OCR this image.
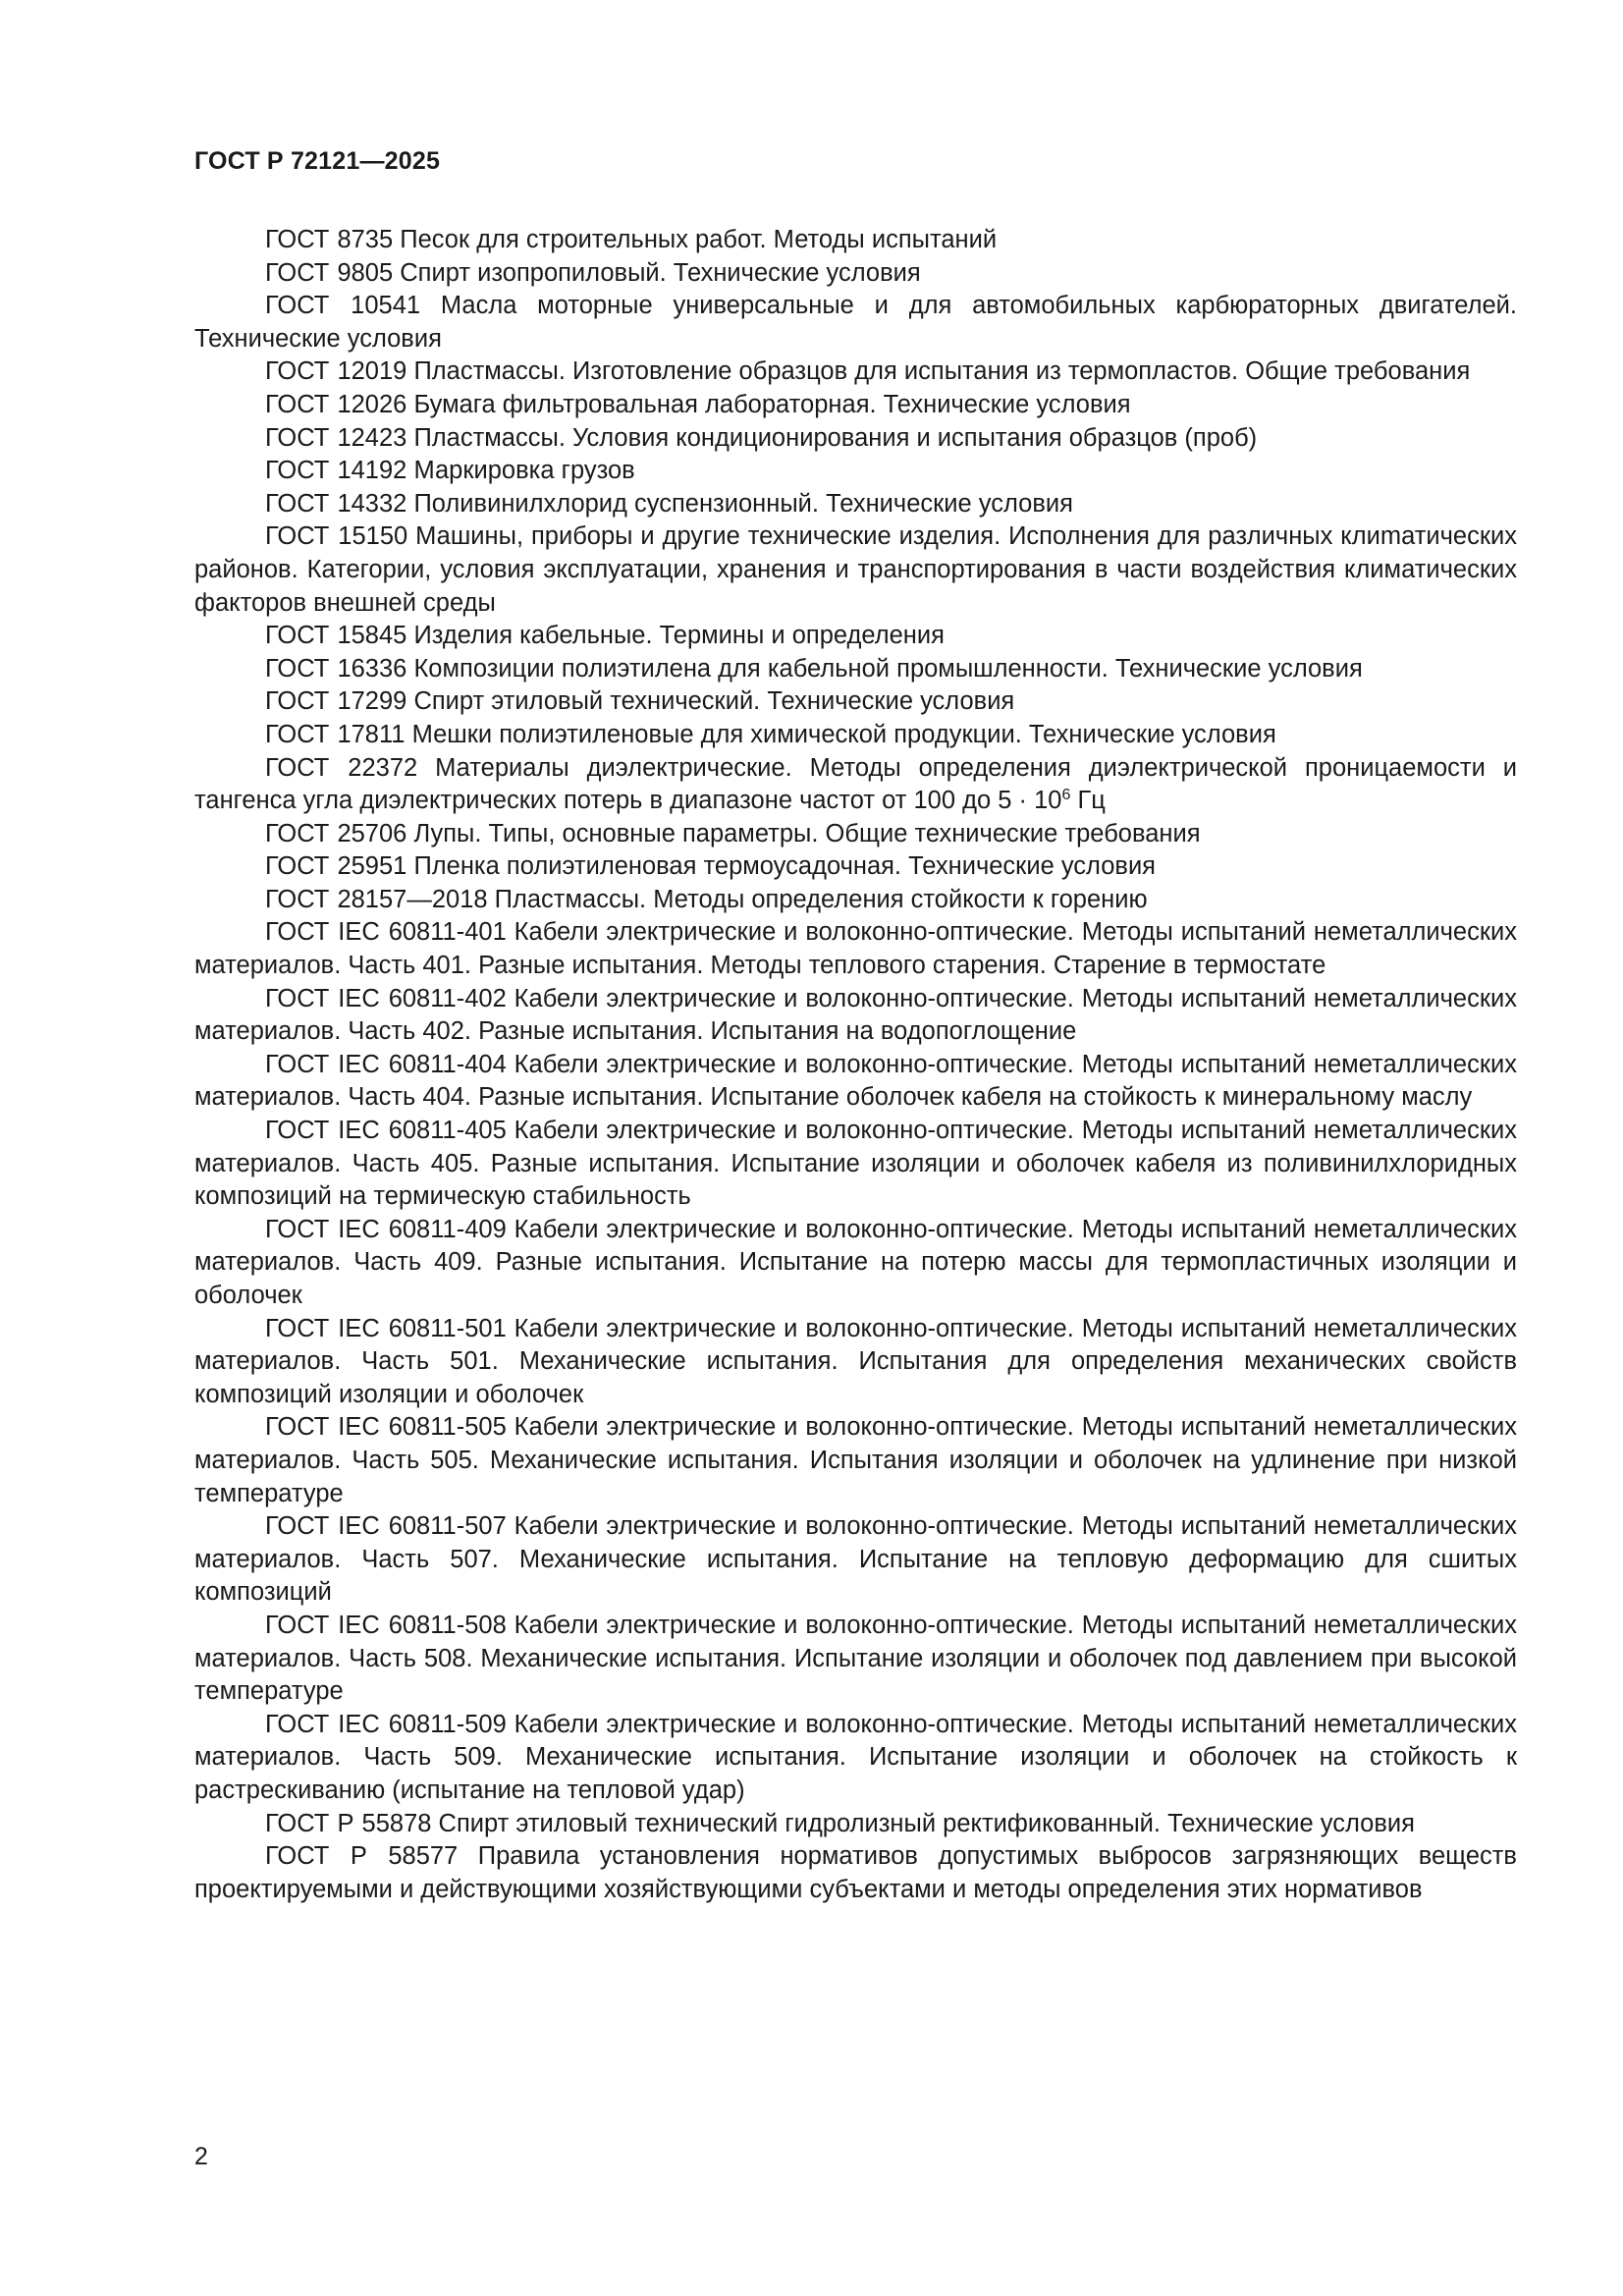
ГОСТ Р 72121—2025

ГОСТ 8735 Песок для строительных работ. Методы испытаний

ГОСТ 9805 Спирт изопропиловый. Технические условия

ГОСТ 10541 Масла моторные универсальные и для автомобильных карбюраторных двигателей. Технические условия

ГОСТ 12019 Пластмассы. Изготовление образцов для испытания из термопластов. Общие требования

ГОСТ 12026 Бумага фильтровальная лабораторная. Технические условия

ГОСТ 12423 Пластмассы. Условия кондиционирования и испытания образцов (проб)

ГОСТ 14192 Маркировка грузов

ГОСТ 14332 Поливинилхлорид суспензионный. Технические условия

ГОСТ 15150 Машины, приборы и другие технические изделия. Исполнения для различных клиmатических районов. Категории, условия эксплуатации, хранения и транспортирования в части воздействия климатических факторов внешней среды

ГОСТ 15845 Изделия кабельные. Термины и определения

ГОСТ 16336 Композиции полиэтилена для кабельной промышленности. Технические условия

ГОСТ 17299 Спирт этиловый технический. Технические условия

ГОСТ 17811 Мешки полиэтиленовые для химической продукции. Технические условия

ГОСТ 22372 Материалы диэлектрические. Методы определения диэлектрической проницаемости и тангенса угла диэлектрических потерь в диапазоне частот от 100 до $5 \cdot 10^6$ Гц

ГОСТ 25706 Лупы. Типы, основные параметры. Общие технические требования

ГОСТ 25951 Пленка полиэтиленовая термоусадочная. Технические условия

ГОСТ 28157—2018 Пластмассы. Методы определения стойкости к горению

ГОСТ IEC 60811-401 Кабели электрические и волоконно-оптические. Методы испытаний неметаллических материалов. Часть 401. Разные испытания. Методы теплового старения. Старение в термостате

ГОСТ IEC 60811-402 Кабели электрические и волоконно-оптические. Методы испытаний неметаллических материалов. Часть 402. Разные испытания. Испытания на водопоглощение

ГОСТ IEC 60811-404 Кабели электрические и волоконно-оптические. Методы испытаний неметаллических материалов. Часть 404. Разные испытания. Испытание оболочек кабеля на стойкость к минеральному маслу

ГОСТ IEC 60811-405 Кабели электрические и волоконно-оптические. Методы испытаний неметаллических материалов. Часть 405. Разные испытания. Испытание изоляции и оболочек кабеля из поливинилхлоридных композиций на термическую стабильность

ГОСТ IEC 60811-409 Кабели электрические и волоконно-оптические. Методы испытаний неметаллических материалов. Часть 409. Разные испытания. Испытание на потерю массы для термопластичных изоляции и оболочек

ГОСТ IEC 60811-501 Кабели электрические и волоконно-оптические. Методы испытаний неметаллических материалов. Часть 501. Механические испытания. Испытания для определения механических свойств композиций изоляции и оболочек

ГОСТ IEC 60811-505 Кабели электрические и волоконно-оптические. Методы испытаний неметаллических материалов. Часть 505. Механические испытания. Испытания изоляции и оболочек на удлинение при низкой температуре

ГОСТ IEC 60811-507 Кабели электрические и волоконно-оптические. Методы испытаний неметаллических материалов. Часть 507. Механические испытания. Испытание на тепловую деформацию для сшитых композиций

ГОСТ IEC 60811-508 Кабели электрические и волоконно-оптические. Методы испытаний неметаллических материалов. Часть 508. Механические испытания. Испытание изоляции и оболочек под давлением при высокой температуре

ГОСТ IEC 60811-509 Кабели электрические и волоконно-оптические. Методы испытаний неметаллических материалов. Часть 509. Механические испытания. Испытание изоляции и оболочек на стойкость к растрескиванию (испытание на тепловой удар)

ГОСТ Р 55878 Спирт этиловый технический гидролизный ректификованный. Технические условия

ГОСТ Р 58577 Правила установления нормативов допустимых выбросов загрязняющих веществ проектируемыми и действующими хозяйствующими субъектами и методы определения этих нормативов

2
